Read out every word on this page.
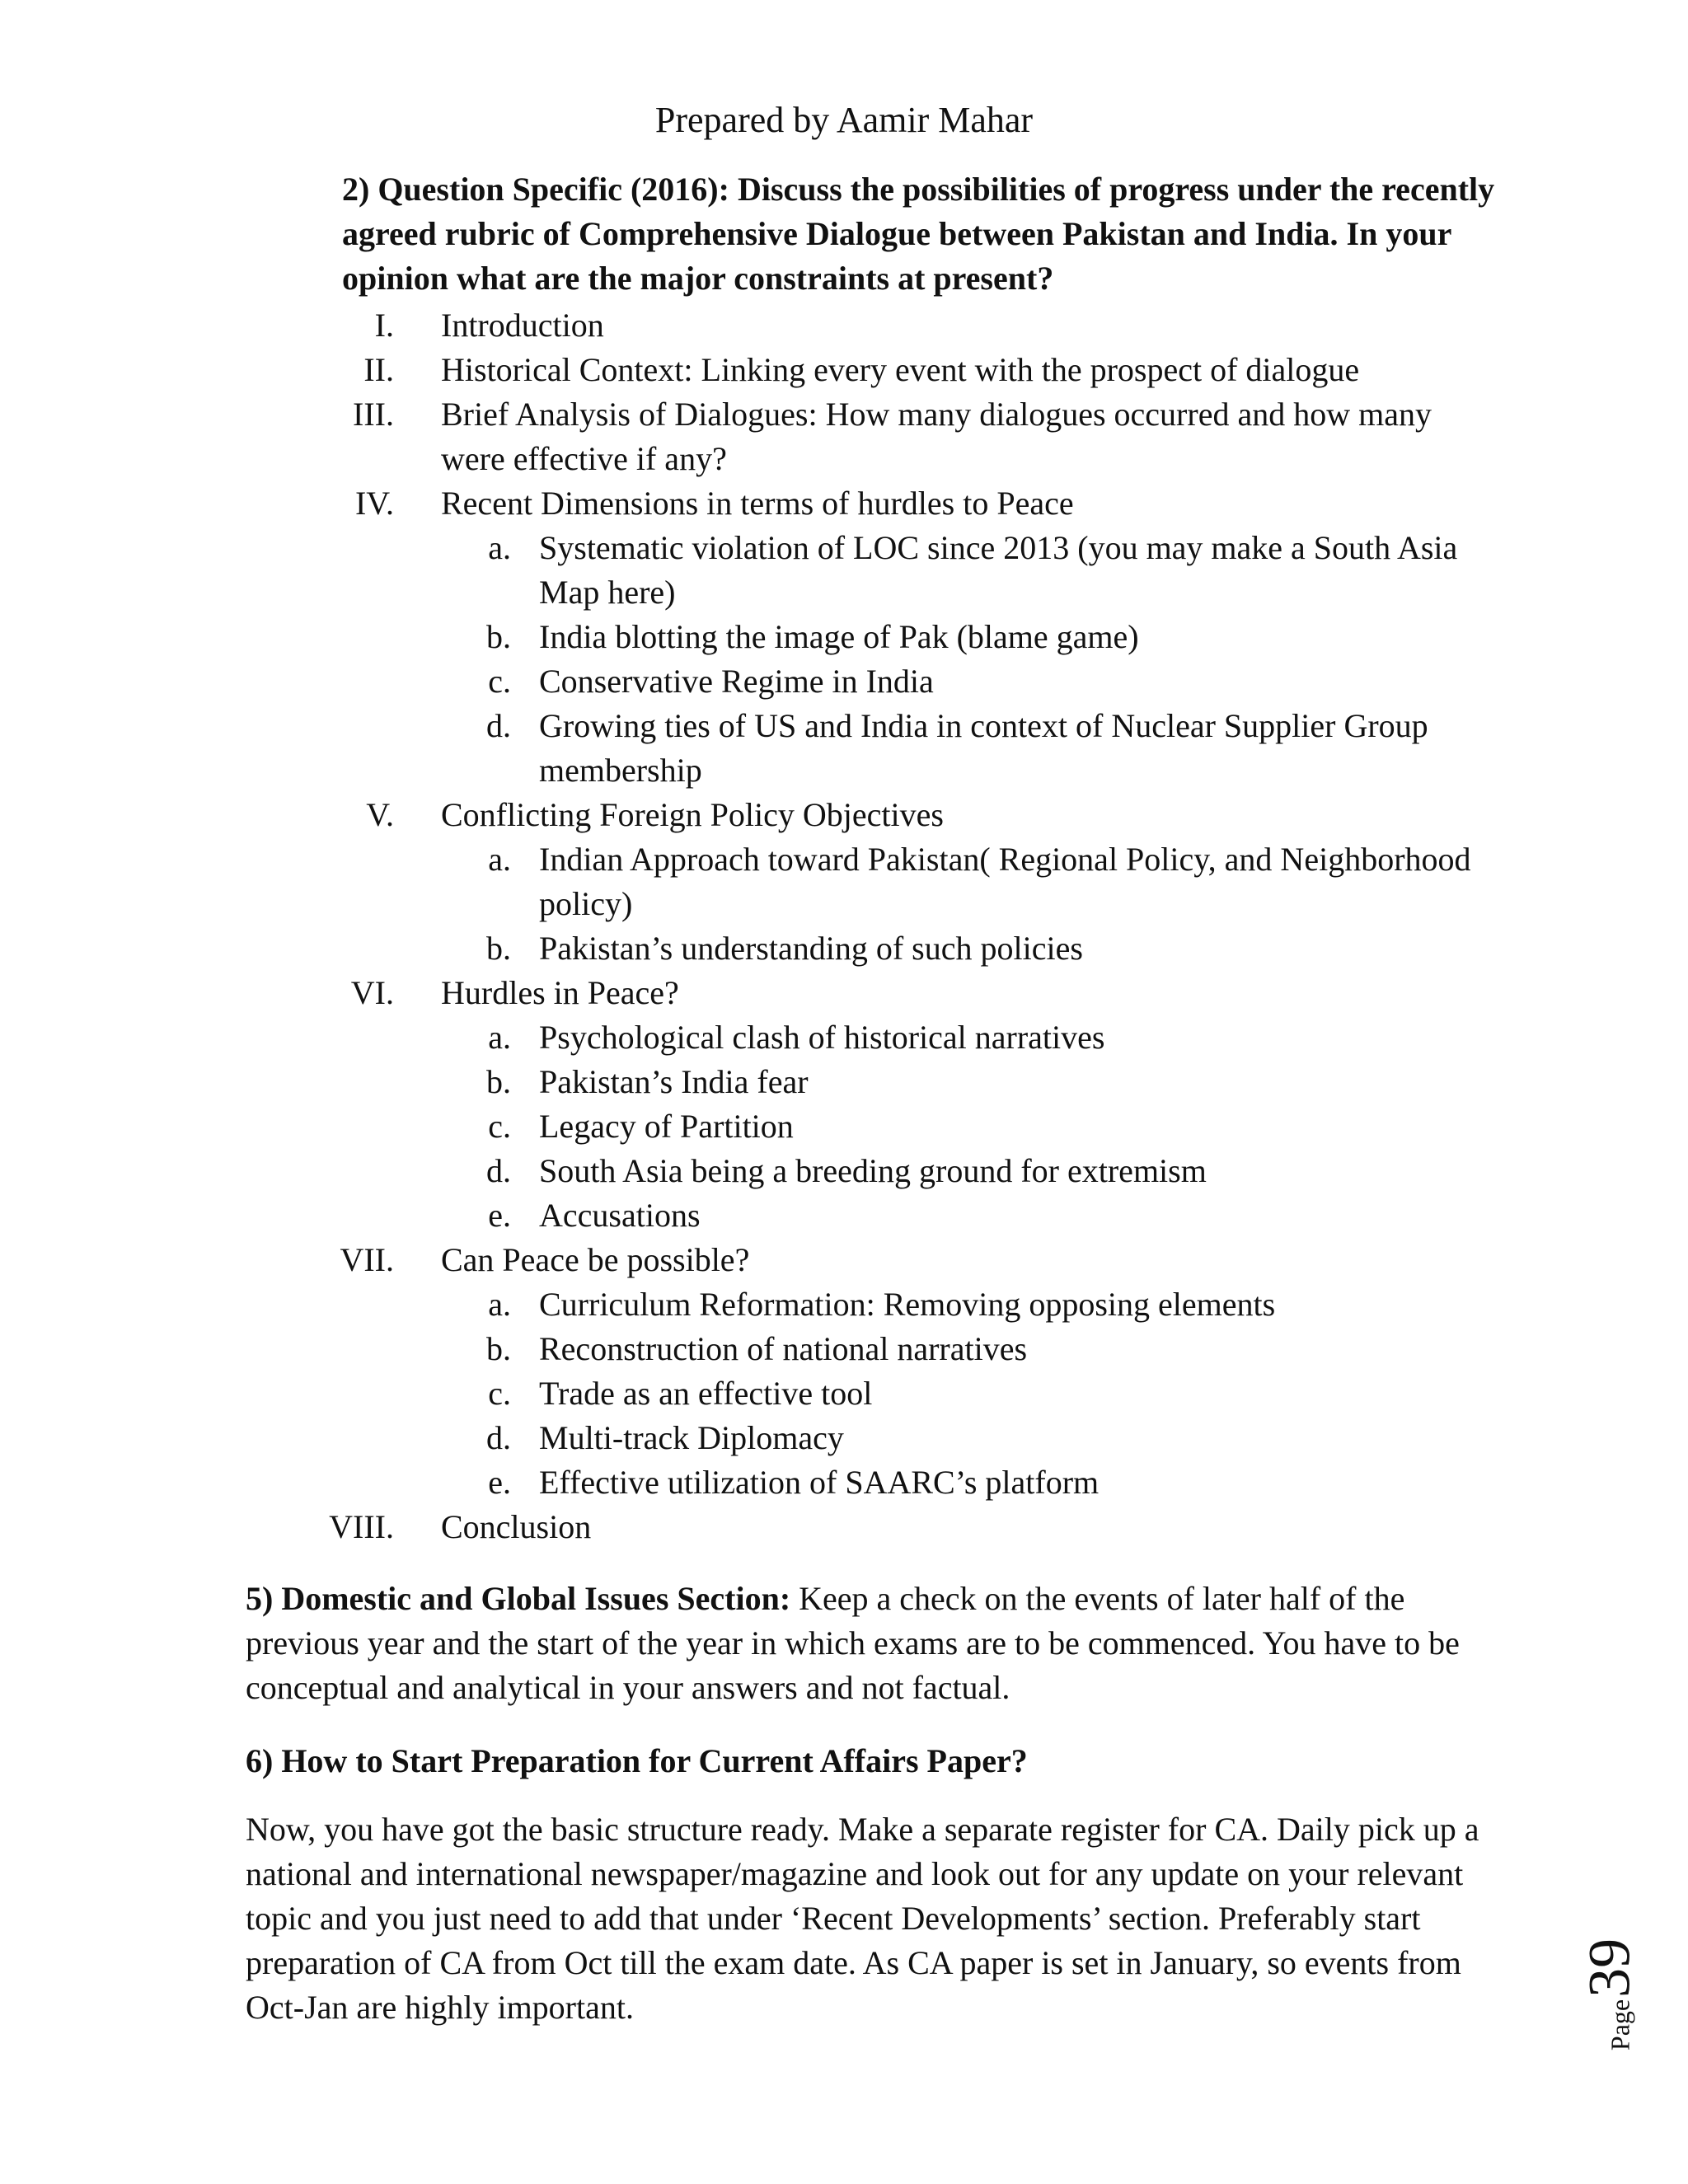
Prepared by Aamir Mahar
2) Question Specific (2016): Discuss the possibilities of progress under the recently agreed rubric of Comprehensive Dialogue between Pakistan and India. In your opinion what are the major constraints at present?
I. Introduction
II. Historical Context: Linking every event with the prospect of dialogue
III. Brief Analysis of Dialogues: How many dialogues occurred and how many were effective if any?
IV. Recent Dimensions in terms of hurdles to Peace
a. Systematic violation of LOC since 2013 (you may make a South Asia Map here)
b. India blotting the image of Pak (blame game)
c. Conservative Regime in India
d. Growing ties of US and India in context of Nuclear Supplier Group membership
V. Conflicting Foreign Policy Objectives
a. Indian Approach toward Pakistan( Regional Policy, and Neighborhood policy)
b. Pakistan’s understanding of such policies
VI. Hurdles in Peace?
a. Psychological clash of historical narratives
b. Pakistan’s India fear
c. Legacy of Partition
d. South Asia being a breeding ground for extremism
e. Accusations
VII. Can Peace be possible?
a. Curriculum Reformation: Removing opposing elements
b. Reconstruction of national narratives
c. Trade as an effective tool
d. Multi-track Diplomacy
e. Effective utilization of SAARC’s platform
VIII. Conclusion
5) Domestic and Global Issues Section: Keep a check on the events of later half of the previous year and the start of the year in which exams are to be commenced. You have to be conceptual and analytical in your answers and not factual.
6) How to Start Preparation for Current Affairs Paper?
Now, you have got the basic structure ready. Make a separate register for CA. Daily pick up a national and international newspaper/magazine and look out for any update on your relevant topic and you just need to add that under ‘Recent Developments’ section. Preferably start preparation of CA from Oct till the exam date. As CA paper is set in January, so events from Oct-Jan are highly important.	Page
39
